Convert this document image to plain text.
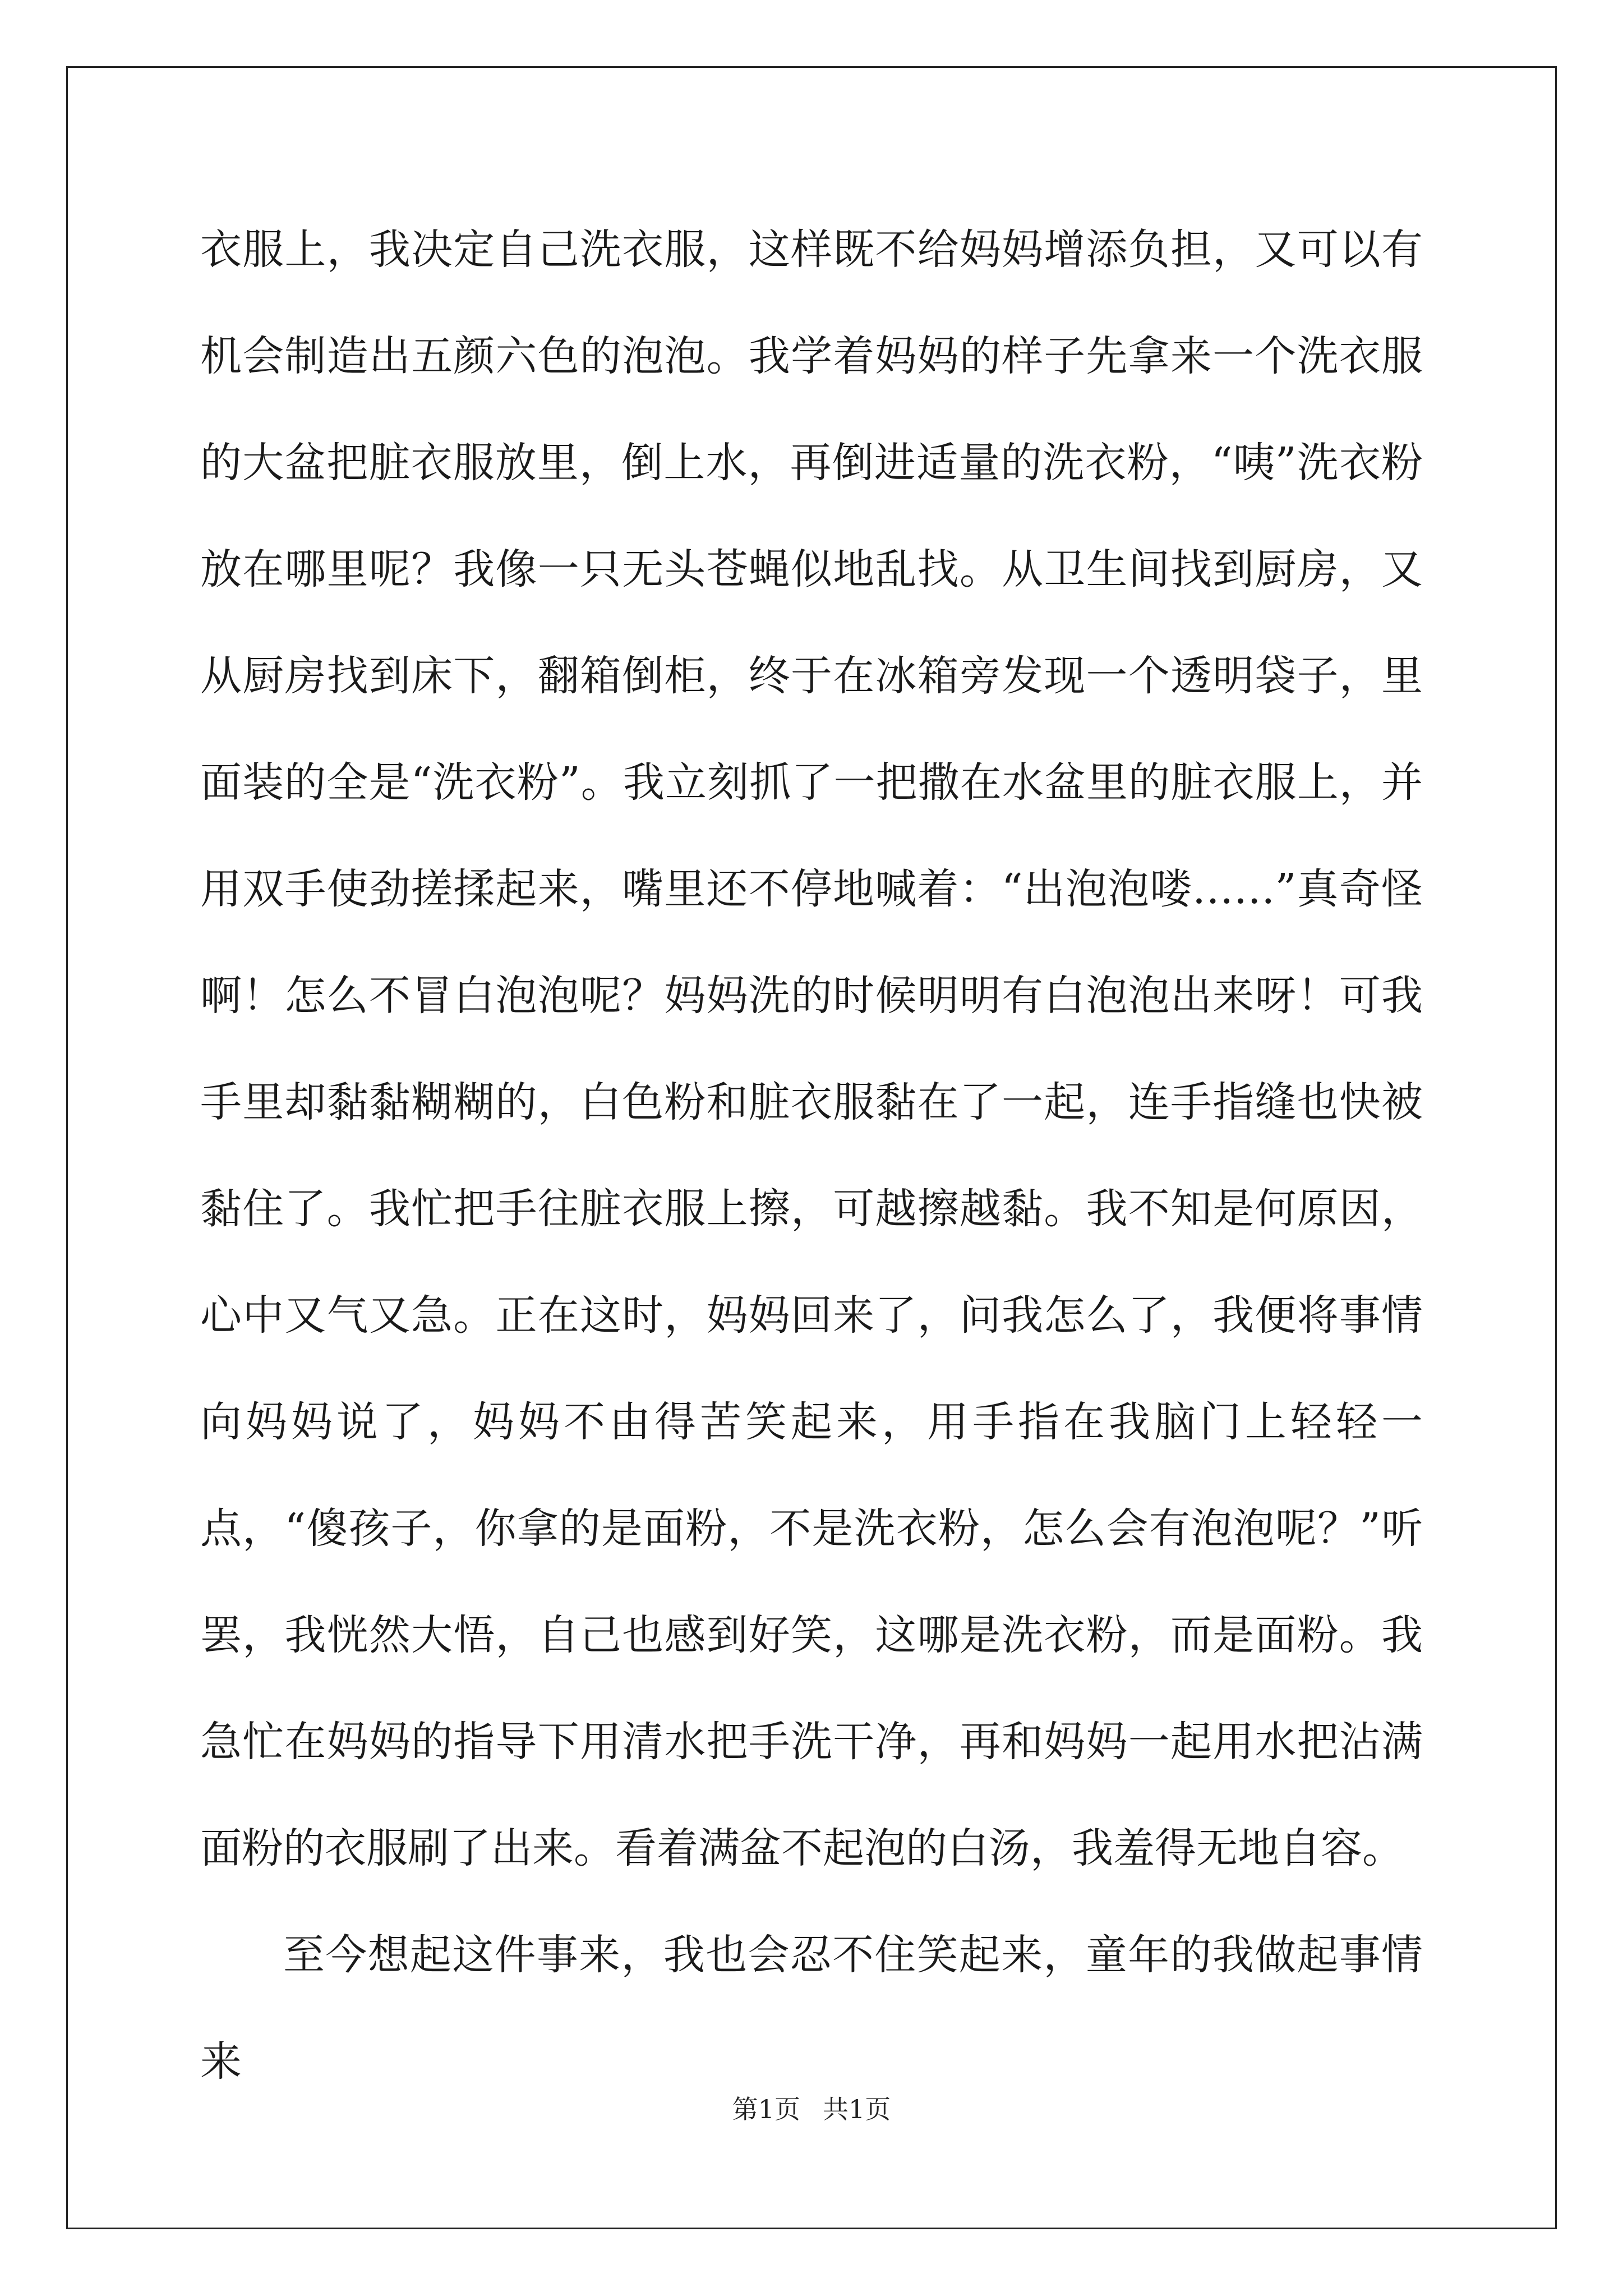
衣服上，我决定自己洗衣服，这样既不给妈妈增添负担，又可以有机会制造出五颜六色的泡泡。我学着妈妈的样子先拿来一个洗衣服的大盆把脏衣服放里，倒上水，再倒进适量的洗衣粉，“咦”洗衣粉放在哪里呢？我像一只无头苍蝇似地乱找。从卫生间找到厨房，又从厨房找到床下，翻箱倒柜，终于在冰箱旁发现一个透明袋子，里面装的全是“洗衣粉”。我立刻抓了一把撒在水盆里的脏衣服上，并用双手使劲搓揉起来，嘴里还不停地喊着：“出泡泡喽……”真奇怪啊！怎么不冒白泡泡呢？妈妈洗的时候明明有白泡泡出来呀！可我手里却黏黏糊糊的，白色粉和脏衣服黏在了一起，连手指缝也快被黏住了。我忙把手往脏衣服上擦，可越擦越黏。我不知是何原因，心中又气又急。正在这时，妈妈回来了，问我怎么了，我便将事情向妈妈说了，妈妈不由得苦笑起来，用手指在我脑门上轻轻一点，“傻孩子，你拿的是面粉，不是洗衣粉，怎么会有泡泡呢？”听罢，我恍然大悟，自己也感到好笑，这哪是洗衣粉，而是面粉。我急忙在妈妈的指导下用清水把手洗干净，再和妈妈一起用水把沾满面粉的衣服刷了出来。看着满盆不起泡的白汤，我羞得无地自容。

至今想起这件事来，我也会忍不住笑起来，童年的我做起事情来

第1页 共1页
